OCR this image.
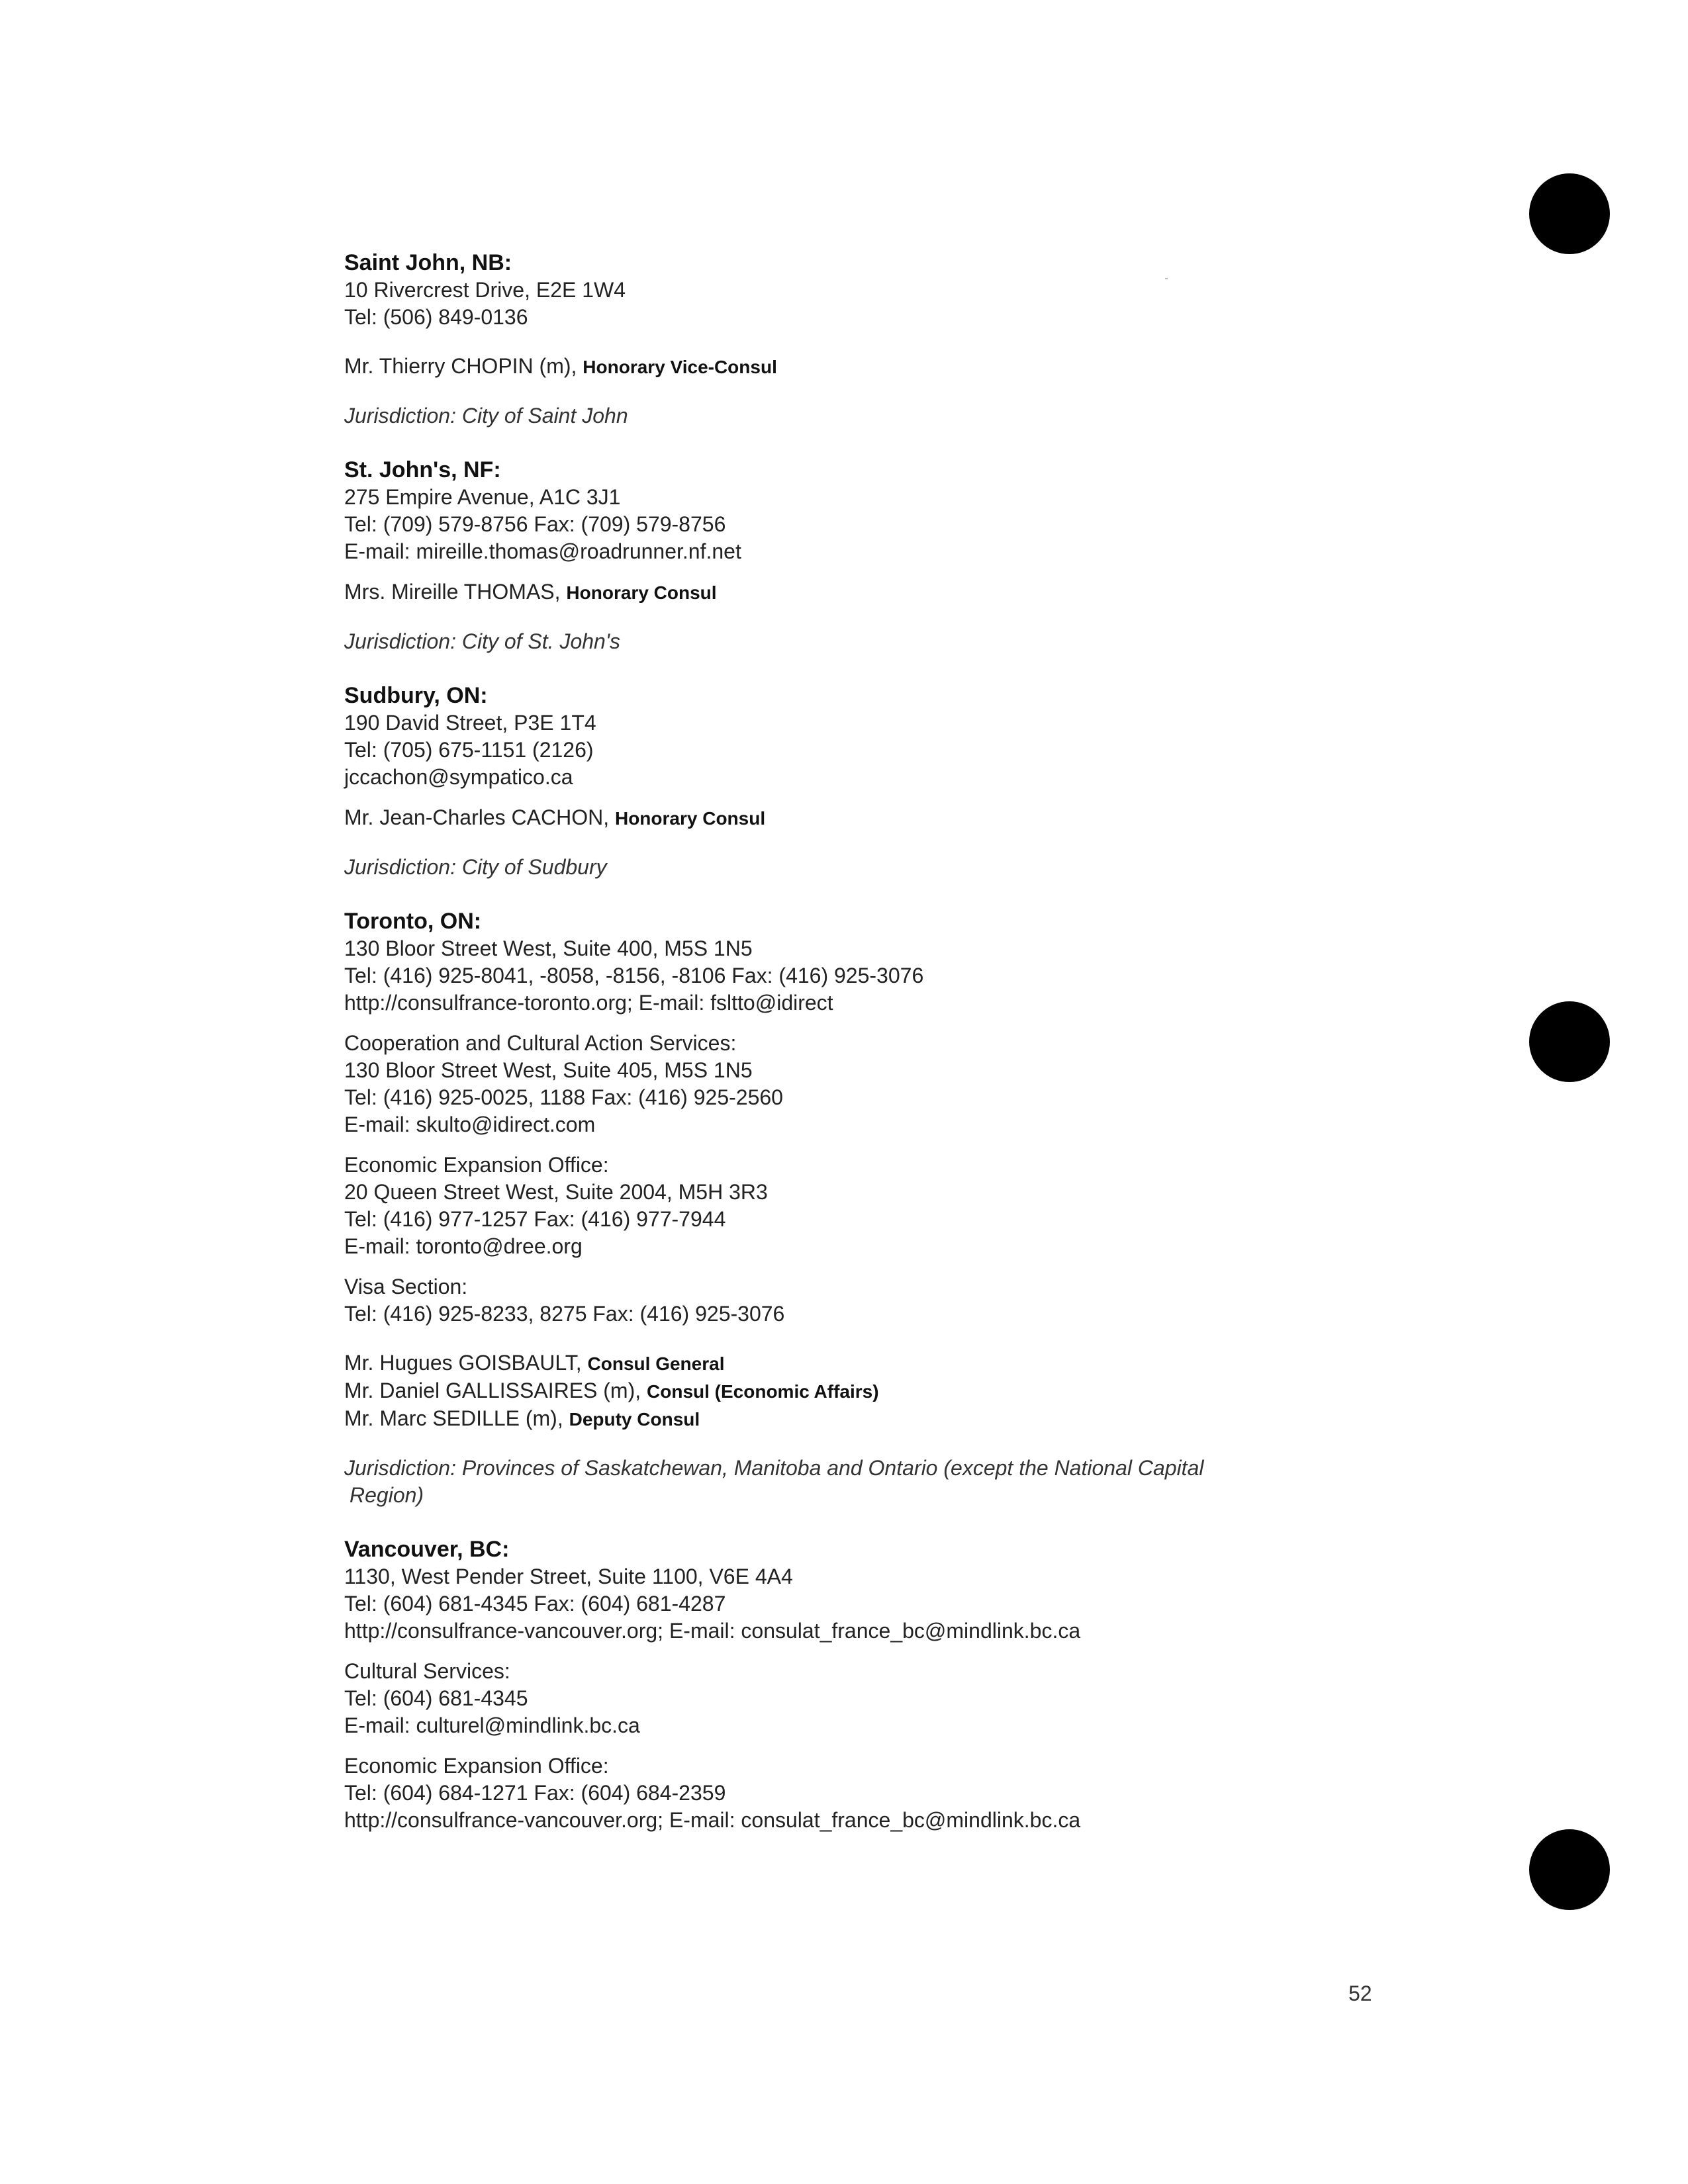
Saint John, NB:
10 Rivercrest Drive, E2E 1W4
Tel: (506) 849-0136
Mr. Thierry CHOPIN (m), Honorary Vice-Consul
Jurisdiction: City of Saint John
St. John's, NF:
275 Empire Avenue, A1C 3J1
Tel: (709) 579-8756 Fax: (709) 579-8756
E-mail: mireille.thomas@roadrunner.nf.net
Mrs. Mireille THOMAS, Honorary Consul
Jurisdiction: City of St. John's
Sudbury, ON:
190 David Street, P3E 1T4
Tel: (705) 675-1151 (2126)
jccachon@sympatico.ca
Mr. Jean-Charles CACHON, Honorary Consul
Jurisdiction: City of Sudbury
Toronto, ON:
130 Bloor Street West, Suite 400, M5S 1N5
Tel: (416) 925-8041, -8058, -8156, -8106 Fax: (416) 925-3076
http://consulfrance-toronto.org; E-mail: fsltto@idirect
Cooperation and Cultural Action Services:
130 Bloor Street West, Suite 405, M5S 1N5
Tel: (416) 925-0025, 1188 Fax: (416) 925-2560
E-mail: skulto@idirect.com
Economic Expansion Office:
20 Queen Street West, Suite 2004, M5H 3R3
Tel: (416) 977-1257 Fax: (416) 977-7944
E-mail: toronto@dree.org
Visa Section:
Tel: (416) 925-8233, 8275 Fax: (416) 925-3076
Mr. Hugues GOISBAULT, Consul General
Mr. Daniel GALLISSAIRES (m), Consul (Economic Affairs)
Mr. Marc SEDILLE (m), Deputy Consul
Jurisdiction: Provinces of Saskatchewan, Manitoba and Ontario (except the National Capital
Region)
Vancouver, BC:
1130, West Pender Street, Suite 1100, V6E 4A4
Tel: (604) 681-4345 Fax: (604) 681-4287
http://consulfrance-vancouver.org; E-mail: consulat_france_bc@mindlink.bc.ca
Cultural Services:
Tel: (604) 681-4345
E-mail: culturel@mindlink.bc.ca
Economic Expansion Office:
Tel: (604) 684-1271 Fax: (604) 684-2359
http://consulfrance-vancouver.org; E-mail: consulat_france_bc@mindlink.bc.ca
52
